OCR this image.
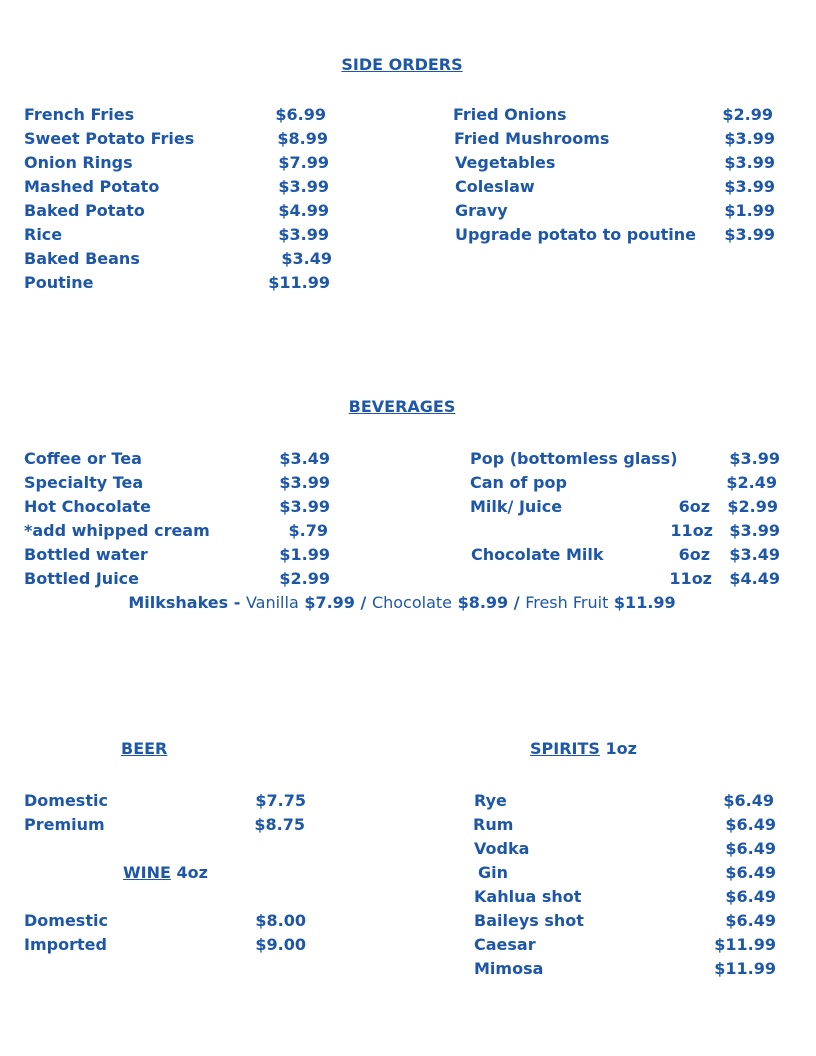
SIDE ORDERS
French Fries	$6.99
Sweet Potato Fries	$8.99
Onion Rings	$7.99
Mashed Potato	$3.99
Baked Potato	$4.99
Rice	$3.99
Baked Beans	$3.49
Poutine	$11.99
Fried Onions	$2.99
Fried Mushrooms	$3.99
Vegetables	$3.99
Coleslaw	$3.99
Gravy	$1.99
Upgrade potato to poutine	$3.99
BEVERAGES
Coffee or Tea	$3.49
Specialty Tea	$3.99
Hot Chocolate	$3.99
*add whipped cream	$.79
Bottled water	$1.99
Bottled Juice	$2.99
Pop (bottomless glass)	$3.99
Can of pop	$2.49
Milk/ Juice	6oz	$2.99
11oz	$3.99
Chocolate Milk	6oz	$3.49
11oz	$4.49
Milkshakes - Vanilla $7.99 / Chocolate $8.99 / Fresh Fruit $11.99
BEER
Domestic	$7.75
Premium	$8.75
WINE 4oz
Domestic	$8.00
Imported	$9.00
SPIRITS 1oz
Rye	$6.49
Rum	$6.49
Vodka	$6.49
Gin	$6.49
Kahlua shot	$6.49
Baileys shot	$6.49
Caesar	$11.99
Mimosa	$11.99
